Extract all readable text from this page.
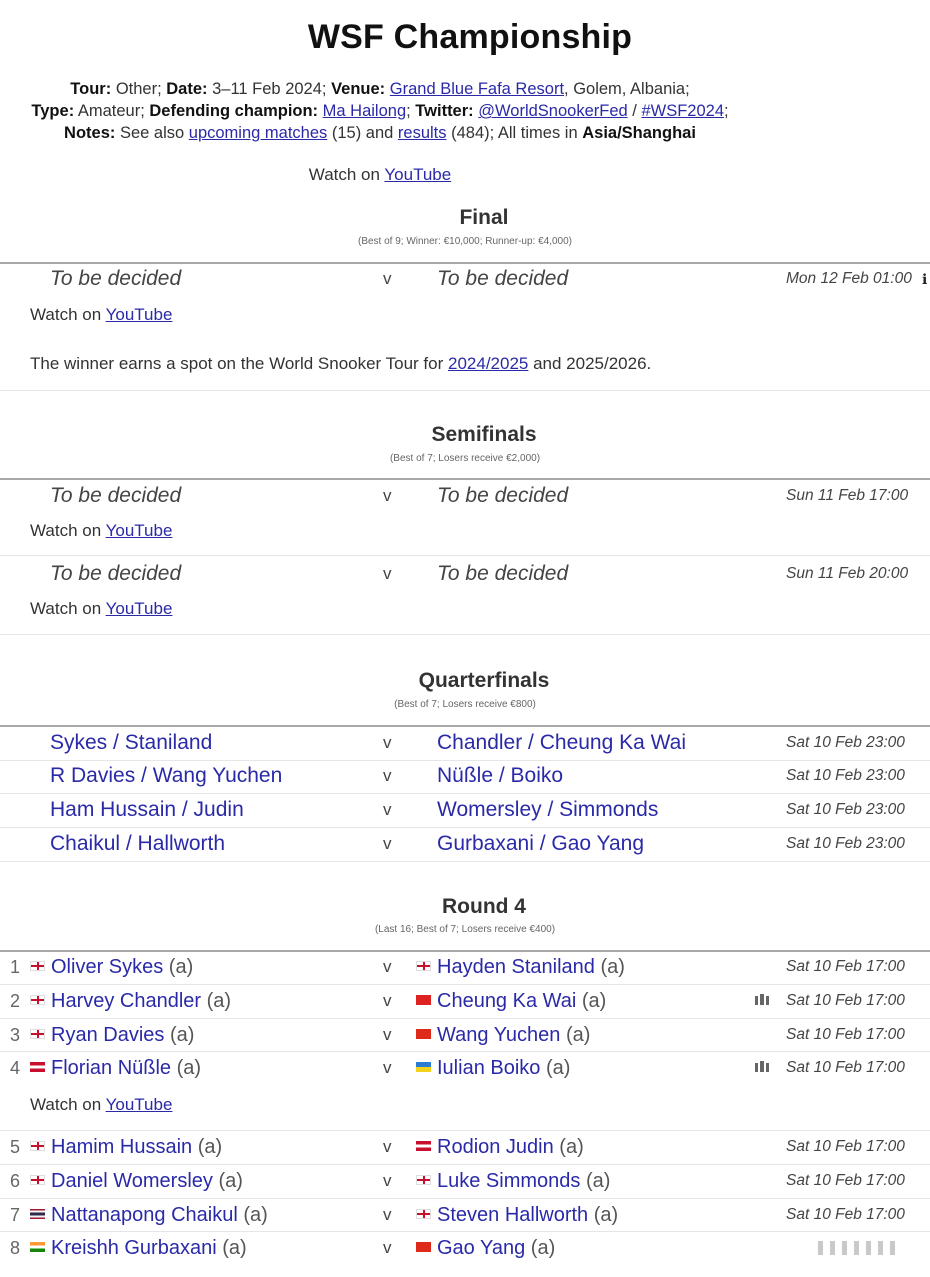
WSF Championship
Tour: Other; Date: 3–11 Feb 2024; Venue: Grand Blue Fafa Resort, Golem, Albania;
Type: Amateur; Defending champion: Ma Hailong; Twitter: @WorldSnookerFed / #WSF2024;
Notes: See also upcoming matches (15) and results (484); All times in Asia/Shanghai
Watch on YouTube
Final
(Best of 9; Winner: €10,000; Runner-up: €4,000)
To be decided	v To be decided	Mon 12 Feb 01:00 ℹ
Watch on YouTube
The winner earns a spot on the World Snooker Tour for 2024/2025 and 2025/2026.
Semifinals
(Best of 7; Losers receive €2,000)
To be decided	v To be decided	Sun 11 Feb 17:00
Watch on YouTube
To be decided	v To be decided	Sun 11 Feb 20:00
Watch on YouTube
Quarterfinals
(Best of 7; Losers receive €800)
Sykes / Staniland	v Chandler / Cheung Ka Wai	Sat 10 Feb 23:00
R Davies / Wang Yuchen	v Nüßle / Boiko	Sat 10 Feb 23:00
Ham Hussain / Judin	v Womersley / Simmonds	Sat 10 Feb 23:00
Chaikul / Hallworth	v Gurbaxani / Gao Yang	Sat 10 Feb 23:00
Round 4
(Last 16; Best of 7; Losers receive €400)
1 Oliver Sykes (a)	v Hayden Staniland (a)	Sat 10 Feb 17:00
2 Harvey Chandler (a)	v Cheung Ka Wai (a)	Sat 10 Feb 17:00
3 Ryan Davies (a)	v Wang Yuchen (a)	Sat 10 Feb 17:00
4 Florian Nüßle (a)	v Iulian Boiko (a)	Sat 10 Feb 17:00
5 Hamim Hussain (a)	v Rodion Judin (a)	Sat 10 Feb 17:00
6 Daniel Womersley (a)	v Luke Simmonds (a)	Sat 10 Feb 17:00
7 Nattanapong Chaikul (a)	v Steven Hallworth (a)	Sat 10 Feb 17:00
8 Kreishh Gurbaxani (a)	v Gao Yang (a)
Watch on YouTube
